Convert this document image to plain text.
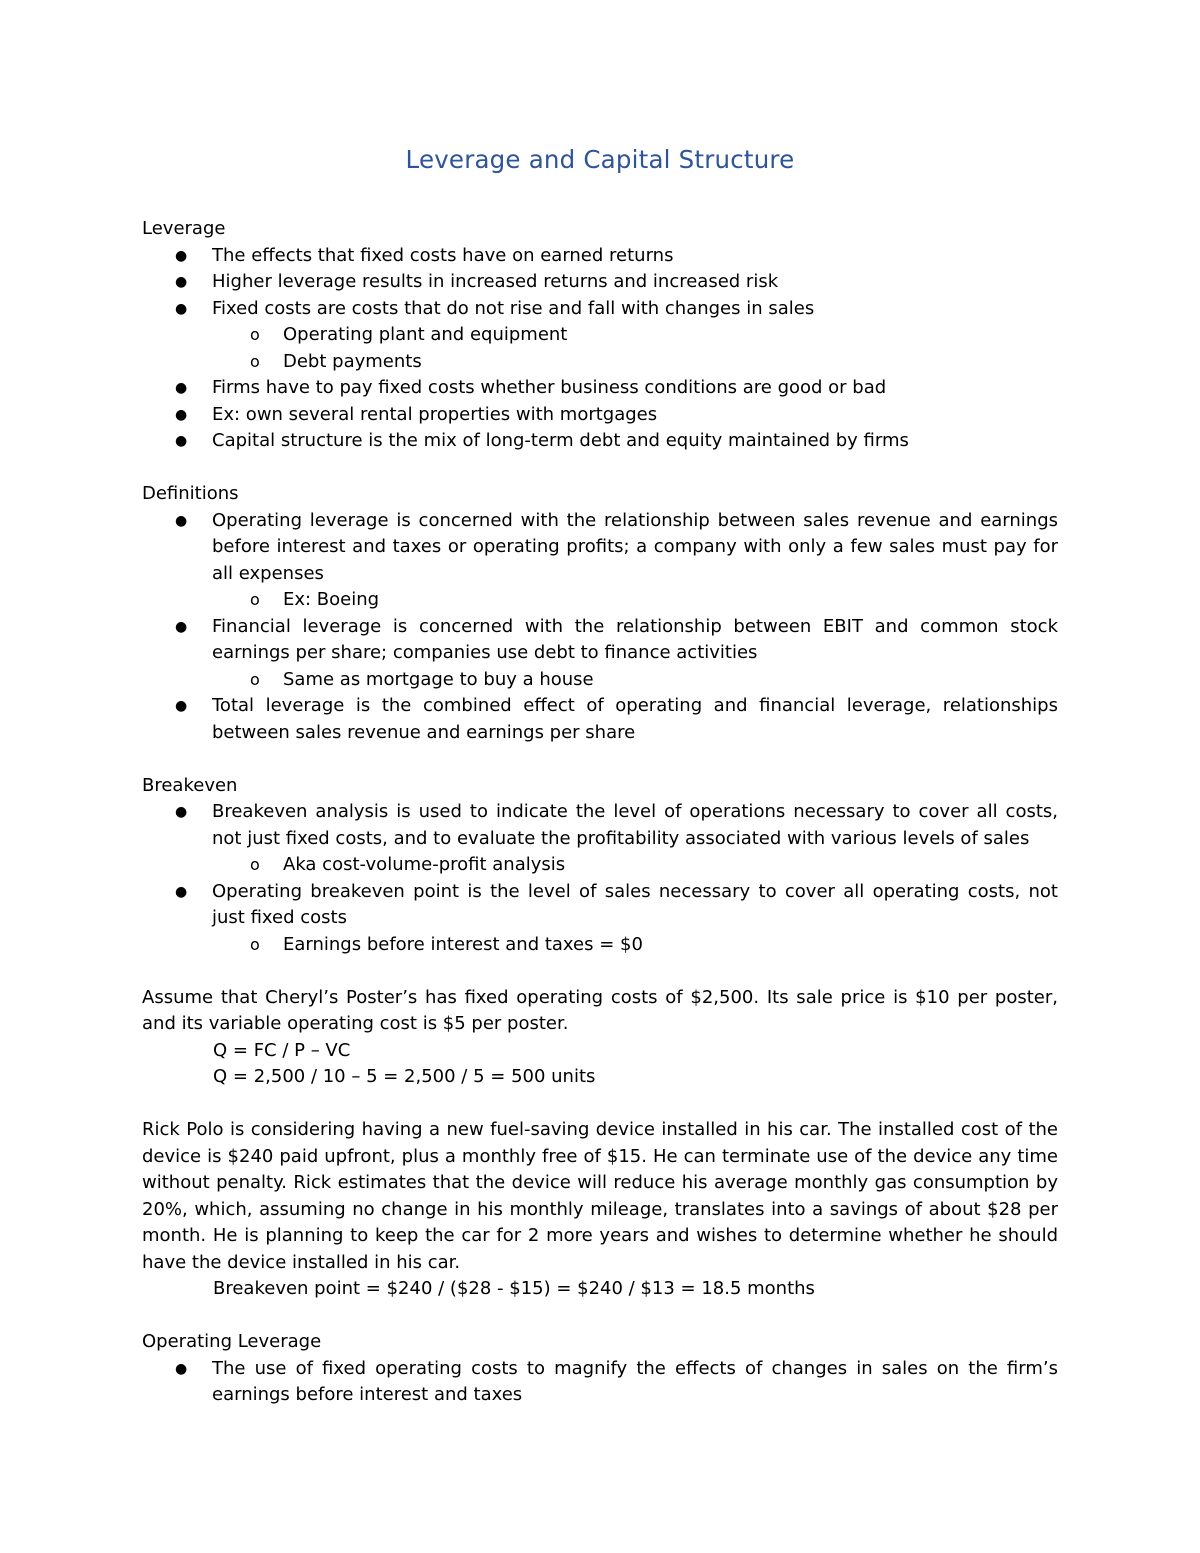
Leverage and Capital Structure
Leverage
● The effects that fixed costs have on earned returns
● Higher leverage results in increased returns and increased risk
● Fixed costs are costs that do not rise and fall with changes in sales
o Operating plant and equipment
o Debt payments
● Firms have to pay fixed costs whether business conditions are good or bad
● Ex: own several rental properties with mortgages
● Capital structure is the mix of long-term debt and equity maintained by firms
Definitions
● Operating leverage is concerned with the relationship between sales revenue and earnings before interest and taxes or operating profits; a company with only a few sales must pay for all expenses
o Ex: Boeing
● Financial leverage is concerned with the relationship between EBIT and common stock earnings per share; companies use debt to finance activities
o Same as mortgage to buy a house
● Total leverage is the combined effect of operating and financial leverage, relationships between sales revenue and earnings per share
Breakeven
● Breakeven analysis is used to indicate the level of operations necessary to cover all costs, not just fixed costs, and to evaluate the profitability associated with various levels of sales
o Aka cost-volume-profit analysis
● Operating breakeven point is the level of sales necessary to cover all operating costs, not just fixed costs
o Earnings before interest and taxes = $0
Assume that Cheryl’s Poster’s has fixed operating costs of $2,500. Its sale price is $10 per poster, and its variable operating cost is $5 per poster.
Q = FC / P – VC
Q = 2,500 / 10 – 5 = 2,500 / 5 = 500 units
Rick Polo is considering having a new fuel-saving device installed in his car. The installed cost of the device is $240 paid upfront, plus a monthly free of $15. He can terminate use of the device any time without penalty. Rick estimates that the device will reduce his average monthly gas consumption by 20%, which, assuming no change in his monthly mileage, translates into a savings of about $28 per month. He is planning to keep the car for 2 more years and wishes to determine whether he should have the device installed in his car.
Breakeven point = $240 / ($28 - $15) = $240 / $13 = 18.5 months
Operating Leverage
● The use of fixed operating costs to magnify the effects of changes in sales on the firm’s earnings before interest and taxes
